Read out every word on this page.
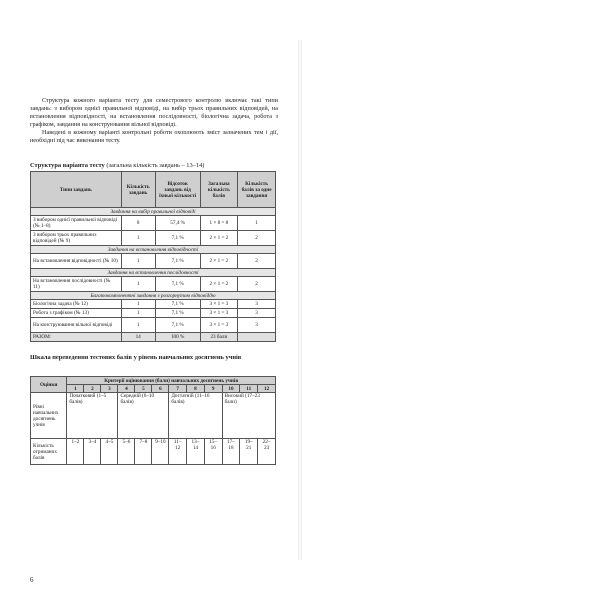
Структура кожного варіанта тесту для семестрового контролю включає такі типи завдань: з вибором однієї правильної відповіді, на вибір трьох правильних відповідей, на встановлення відповідності, на встановлення послідовності, біологічна задача, робота з графіком, завдання на конструювання вільної відповіді.

Наведені в кожному варіанті контрольні роботи охоплюють зміст зазначених тем і дії, необхідні під час виконання тесту.

Структура варіанта тесту (загальна кількість завдань – 13–14)
Типи завдань	Кількість завдань	Відсоток завдань від їхньої кількості	Загальна кількість балів	Кількість балів за одне завдання
Завдання на вибір правильної відповіді				
З вибором однієї правильної відповіді (№ 1–8)	8	57,4 %	1 × 8 = 8	1
З вибором трьох правильних відповідей (№ 9)	1	7,1 %	2 × 1 = 2	2
Завдання на встановлення відповідності				
На встановлення відповідності (№ 10)	1	7,1 %	2 × 1 = 2	2
Завдання на встановлення послідовності				
На встановлення послідовності (№ 11)	1	7,1 %	2 × 1 = 2	2
Багатокомпонентні завдання з розгорнутою відповіддю				
Біологічна задача (№ 12)	1	7,1 %	3 × 1 = 3	3
Робота з графіком (№ 13)	1	7,1 %	3 × 1 = 3	3
На конструювання вільної відповіді	1	7,1 %	3 × 1 = 3	3
РАЗОМ:	14	100 %	23 бали	
Шкала переведення тестових балів у рівень навчальних досягнень учнів
Оцінки	Критерії оцінювання (бали) навчальних досягнень учнів											
	1	2	3	4	5	6	7	8	9	10	11	12
Рівні навчальних досягнень учнів	Початковий (1–5 балів)			Середній (6–10 балів)			Достатній (11–16 балів)			Високий (17–23 бали)		
Кількість отриманих балів	1–2	3–4	4–5	5–6	7–8	9–10	11–12	13–14	15–16	17–18	19–21	22–23
6
